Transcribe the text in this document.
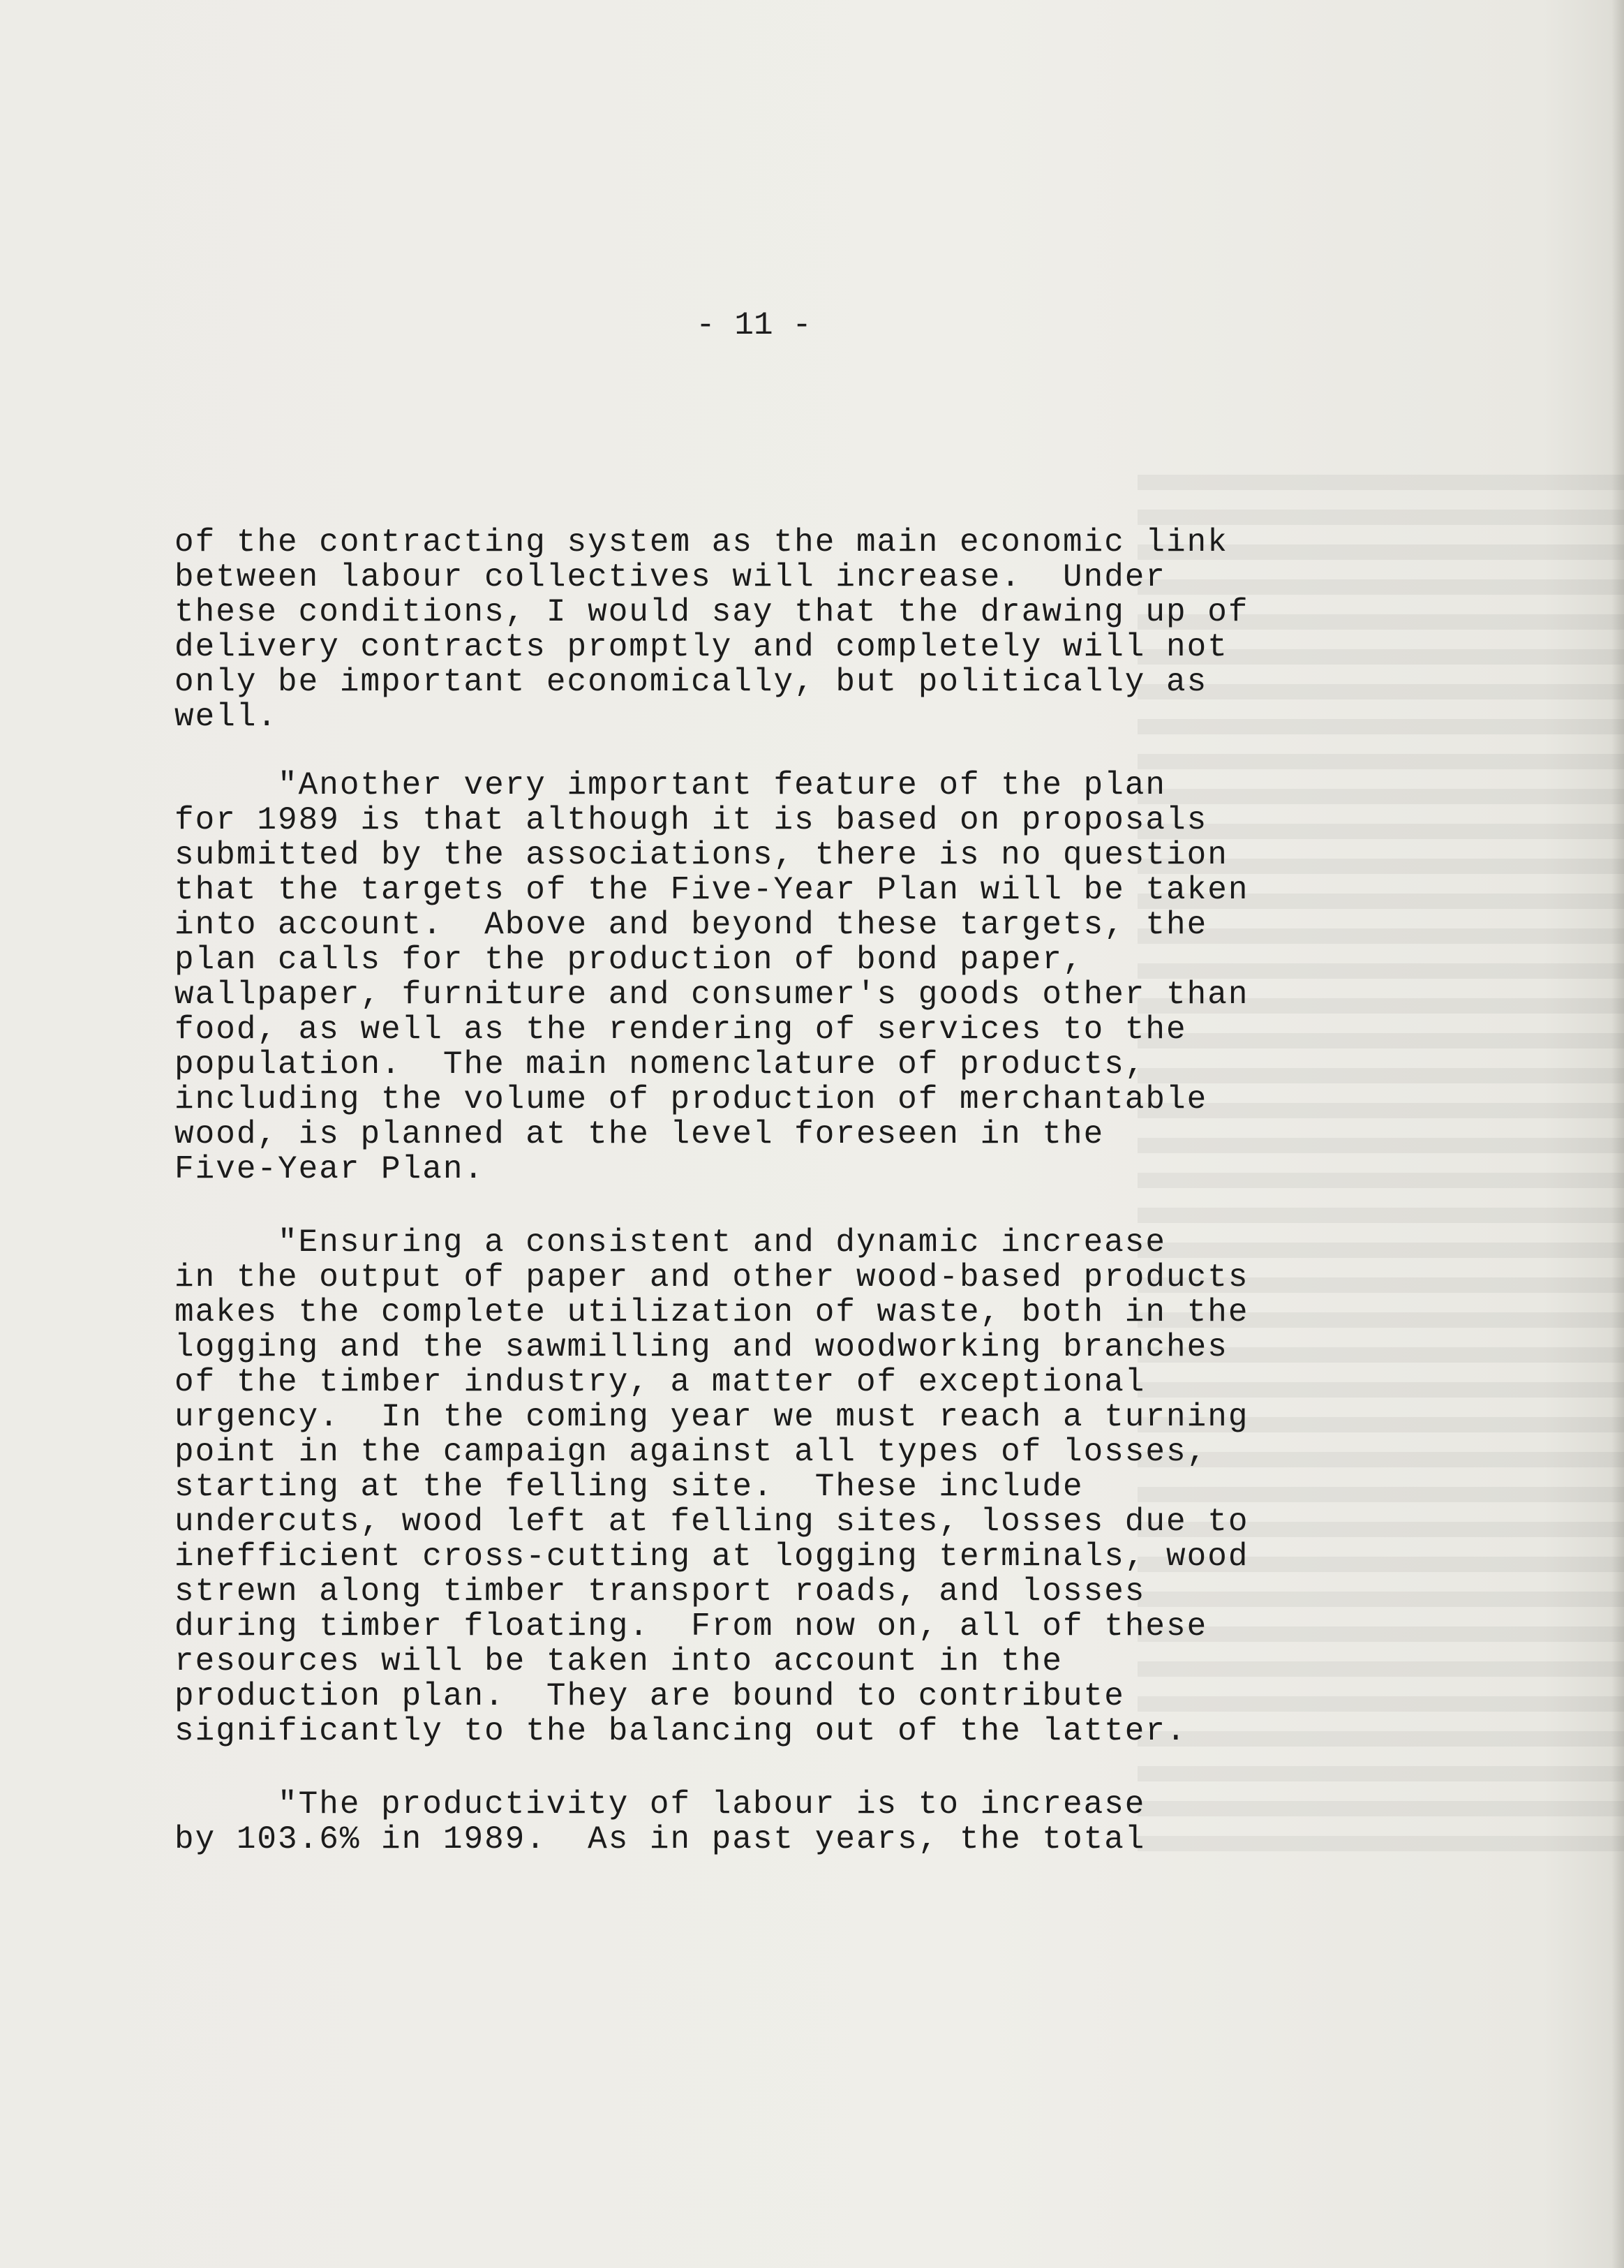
- 11 -
of the contracting system as the main economic link
between labour collectives will increase.  Under
these conditions, I would say that the drawing up of
delivery contracts promptly and completely will not
only be important economically, but politically as
well.
"Another very important feature of the plan
for 1989 is that although it is based on proposals
submitted by the associations, there is no question
that the targets of the Five-Year Plan will be taken
into account.  Above and beyond these targets, the
plan calls for the production of bond paper,
wallpaper, furniture and consumer's goods other than
food, as well as the rendering of services to the
population.  The main nomenclature of products,
including the volume of production of merchantable
wood, is planned at the level foreseen in the
Five-Year Plan.
"Ensuring a consistent and dynamic increase
in the output of paper and other wood-based products
makes the complete utilization of waste, both in the
logging and the sawmilling and woodworking branches
of the timber industry, a matter of exceptional
urgency.  In the coming year we must reach a turning
point in the campaign against all types of losses,
starting at the felling site.  These include
undercuts, wood left at felling sites, losses due to
inefficient cross-cutting at logging terminals, wood
strewn along timber transport roads, and losses
during timber floating.  From now on, all of these
resources will be taken into account in the
production plan.  They are bound to contribute
significantly to the balancing out of the latter.
"The productivity of labour is to increase
by 103.6% in 1989.  As in past years, the total
